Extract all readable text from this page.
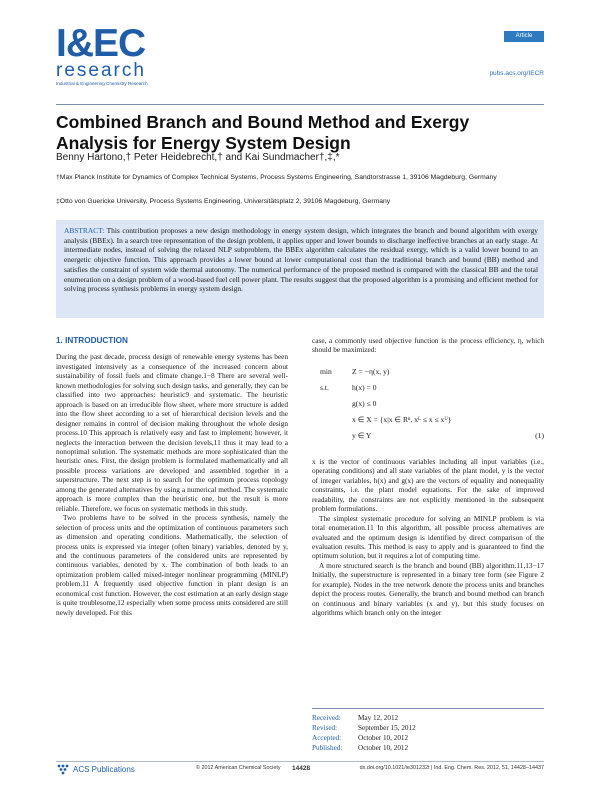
I&EC
research
Industrial & Engineering Chemistry Research
Article
pubs.acs.org/IECR
Combined Branch and Bound Method and Exergy Analysis for Energy System Design
Benny Hartono,† Peter Heidebrecht,† and Kai Sundmacher†,‡,*
†Max Planck Institute for Dynamics of Complex Technical Systems, Process Systems Engineering, Sandtorstrasse 1, 39106 Magdeburg, Germany
‡Otto von Guericke University, Process Systems Engineering, Universitätsplatz 2, 39106 Magdeburg, Germany

ABSTRACT: This contribution proposes a new design methodology in energy system design, which integrates the branch and bound algorithm with exergy analysis (BBEx). In a search tree representation of the design problem, it applies upper and lower bounds to discharge ineffective branches at an early stage. At intermediate nodes, instead of solving the relaxed NLP subproblem, the BBEx algorithm calculates the residual exergy, which is a valid lower bound to an energetic objective function. This approach provides a lower bound at lower computational cost than the traditional branch and bound (BB) method and satisfies the constraint of system wide thermal autonomy. The numerical performance of the proposed method is compared with the classical BB and the total enumeration on a design problem of a wood-based fuel cell power plant. The results suggest that the proposed algorithm is a promising and efficient method for solving process synthesis problems in energy system design.

1. INTRODUCTION

During the past decade, process design of renewable energy systems has been investigated intensively as a consequence of the increased concern about sustainability of fossil fuels and climate change.1−8 There are several well-known methodologies for solving such design tasks, and generally, they can be classified into two approaches: heuristic9 and systematic. The heuristic approach is based on an irreducible flow sheet, where more structure is added into the flow sheet according to a set of hierarchical decision levels and the designer remains in control of decision making throughout the whole design process.10 This approach is relatively easy and fast to implement; however, it neglects the interaction between the decision levels,11 thus it may lead to a nonoptimal solution. The systematic methods are more sophisticated than the heuristic ones. First, the design problem is formulated mathematically and all possible process variations are developed and assembled together in a superstructure. The next step is to search for the optimum process topology among the generated alternatives by using a numerical method. The systematic approach is more complex than the heuristic one, but the result is more reliable. Therefore, we focus on systematic methods in this study.

Two problems have to be solved in the process synthesis, namely the selection of process units and the optimization of continuous parameters such as dimension and operating conditions. Mathematically, the selection of process units is expressed via integer (often binary) variables, denoted by y, and the continuous parameters of the considered units are represented by continuous variables, denoted by x. The combination of both leads to an optimization problem called mixed-integer nonlinear programming (MINLP) problem.11 A frequently used objective function in plant design is an economical cost function. However, the cost estimation at an early design stage is quite troublesome,12 especially when some process units considered are still newly developed. For this

case, a commonly used objective function is the process efficiency, η, which should be maximized:

min	Z = −η(x, y)
s.t.	h(x) = 0
g(x) ≤ 0
x ∈ X = {x|x ∈ Rⁿ, xᴸ ≤ x ≤ xᵁ}
y ∈ Y	(1)

x is the vector of continuous variables including all input variables (i.e., operating conditions) and all state variables of the plant model, y is the vector of integer variables, h(x) and g(x) are the vectors of equality and nonequality constraints, i.e. the plant model equations. For the sake of improved readability, the constraints are not explicitly mentioned in the subsequent problem formulations.

The simplest systematic procedure for solving an MINLP problem is via total enumeration.11 In this algorithm, all possible process alternatives are evaluated and the optimum design is identified by direct comparison of the evaluation results. This method is easy to apply and is guaranteed to find the optimum solution, but it requires a lot of computing time.

A more structured search is the branch and bound (BB) algorithm.11,13−17 Initially, the superstructure is represented in a binary tree form (see Figure 2 for example). Nodes in the tree network denote the process units and branches depict the process routes. Generally, the branch and bound method can branch on continuous and binary variables (x and y), but this study focuses on algorithms which branch only on the integer

Received:	May 12, 2012
Revised:	September 15, 2012
Accepted:	October 10, 2012
Published:	October 10, 2012
ACS Publications	© 2012 American Chemical Society 14428	dx.doi.org/10.1021/ie301232t | Ind. Eng. Chem. Res. 2012, 51, 14428−14437
